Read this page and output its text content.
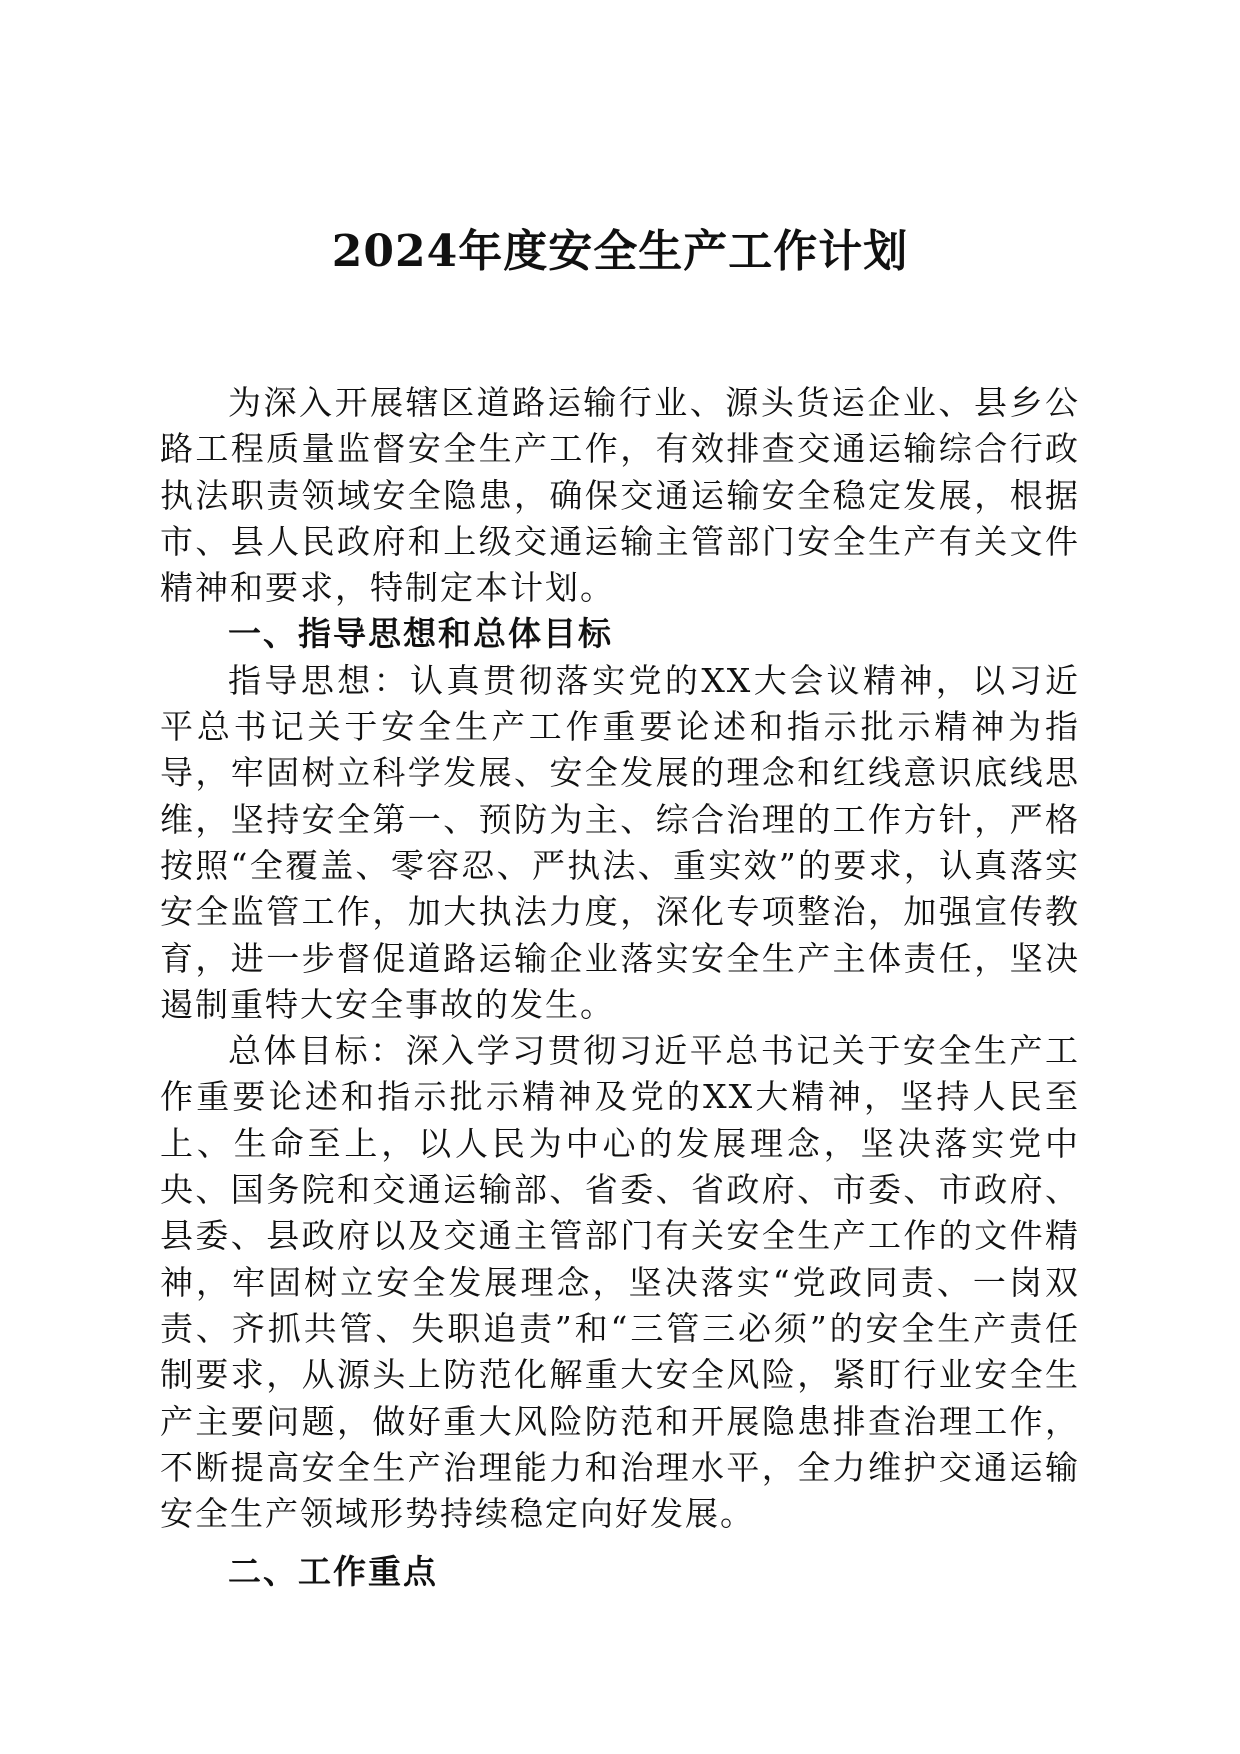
2024年度安全生产工作计划

为深入开展辖区道路运输行业、源头货运企业、县乡公路工程质量监督安全生产工作，有效排查交通运输综合行政执法职责领域安全隐患，确保交通运输安全稳定发展，根据市、县人民政府和上级交通运输主管部门安全生产有关文件精神和要求，特制定本计划。

一、指导思想和总体目标

指导思想：认真贯彻落实党的XX大会议精神，以习近平总书记关于安全生产工作重要论述和指示批示精神为指导，牢固树立科学发展、安全发展的理念和红线意识底线思维，坚持安全第一、预防为主、综合治理的工作方针，严格按照“全覆盖、零容忍、严执法、重实效”的要求，认真落实安全监管工作，加大执法力度，深化专项整治，加强宣传教育，进一步督促道路运输企业落实安全生产主体责任，坚决遏制重特大安全事故的发生。

总体目标：深入学习贯彻习近平总书记关于安全生产工作重要论述和指示批示精神及党的XX大精神，坚持人民至上、生命至上，以人民为中心的发展理念，坚决落实党中央、国务院和交通运输部、省委、省政府、市委、市政府、县委、县政府以及交通主管部门有关安全生产工作的文件精神，牢固树立安全发展理念，坚决落实“党政同责、一岗双责、齐抓共管、失职追责”和“三管三必须”的安全生产责任制要求，从源头上防范化解重大安全风险，紧盯行业安全生产主要问题，做好重大风险防范和开展隐患排查治理工作，不断提高安全生产治理能力和治理水平，全力维护交通运输安全生产领域形势持续稳定向好发展。

二、工作重点
